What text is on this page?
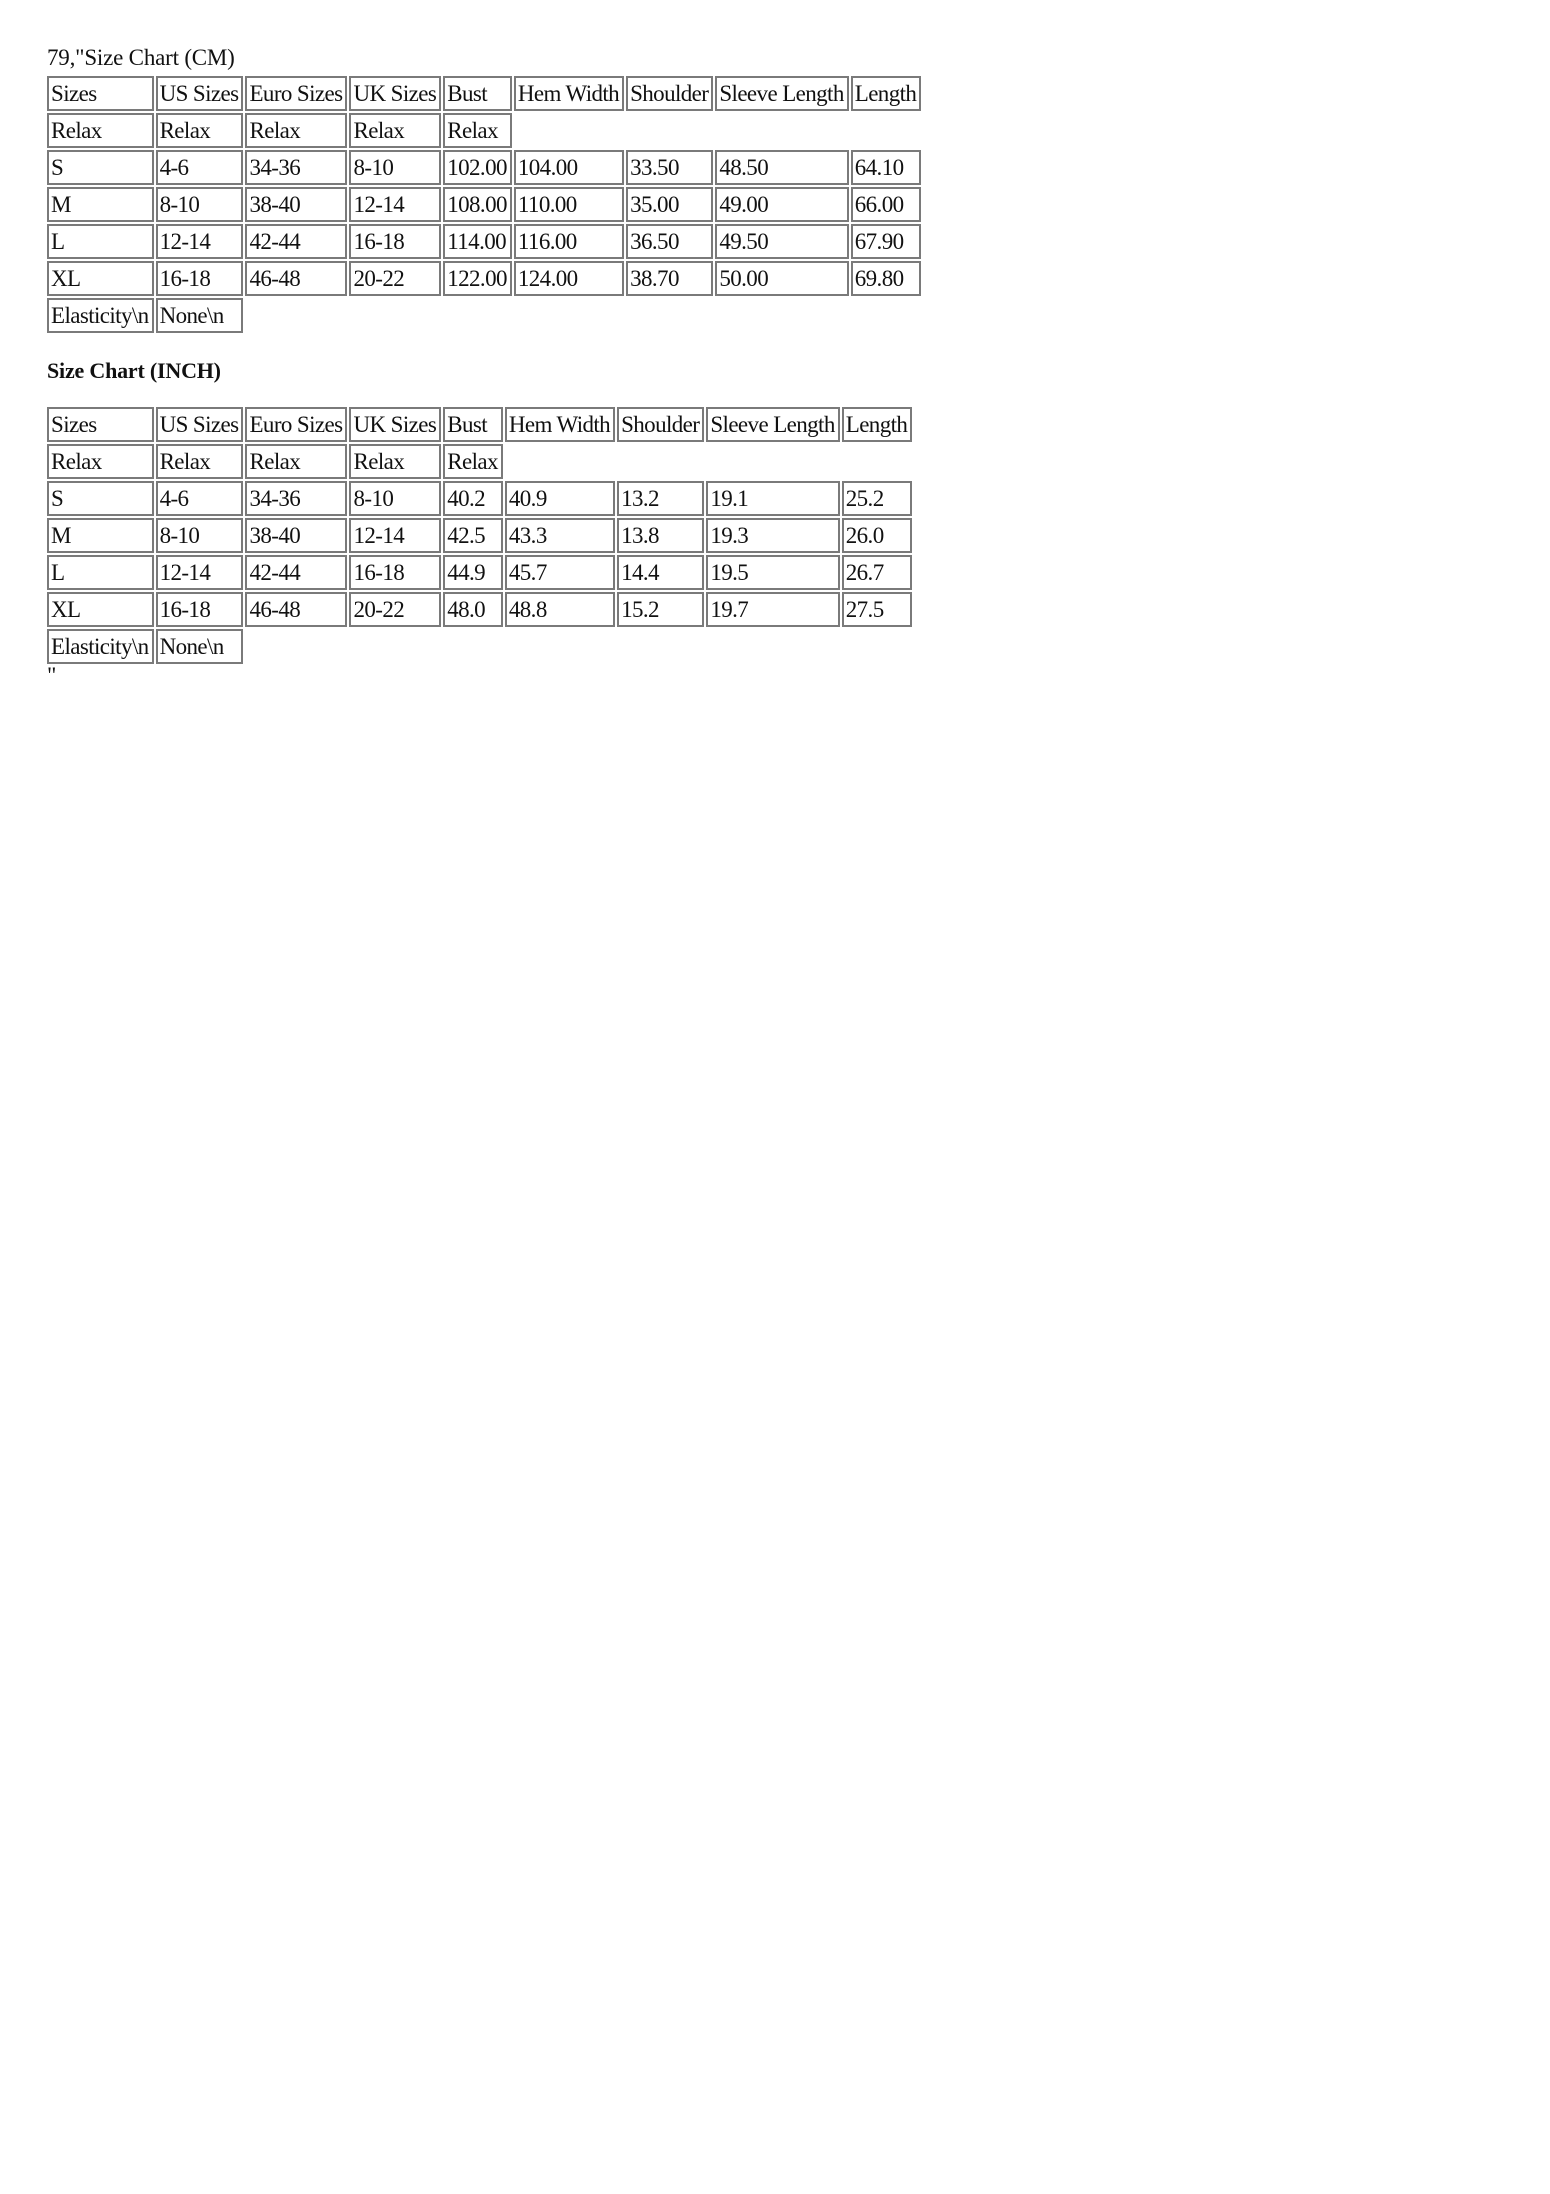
79,"Size Chart (CM)
Sizes	US Sizes	Euro Sizes	UK Sizes	Bust	Hem Width	Shoulder	Sleeve Length	Length
Relax	Relax	Relax	Relax	Relax				
S	4-6	34-36	8-10	102.00	104.00	33.50	48.50	64.10
M	8-10	38-40	12-14	108.00	110.00	35.00	49.00	66.00
L	12-14	42-44	16-18	114.00	116.00	36.50	49.50	67.90
XL	16-18	46-48	20-22	122.00	124.00	38.70	50.00	69.80
Elasticity\n	None\n							
Size Chart (INCH)
Sizes	US Sizes	Euro Sizes	UK Sizes	Bust	Hem Width	Shoulder	Sleeve Length	Length
Relax	Relax	Relax	Relax	Relax				
S	4-6	34-36	8-10	40.2	40.9	13.2	19.1	25.2
M	8-10	38-40	12-14	42.5	43.3	13.8	19.3	26.0
L	12-14	42-44	16-18	44.9	45.7	14.4	19.5	26.7
XL	16-18	46-48	20-22	48.0	48.8	15.2	19.7	27.5
Elasticity\n	None\n							
"
